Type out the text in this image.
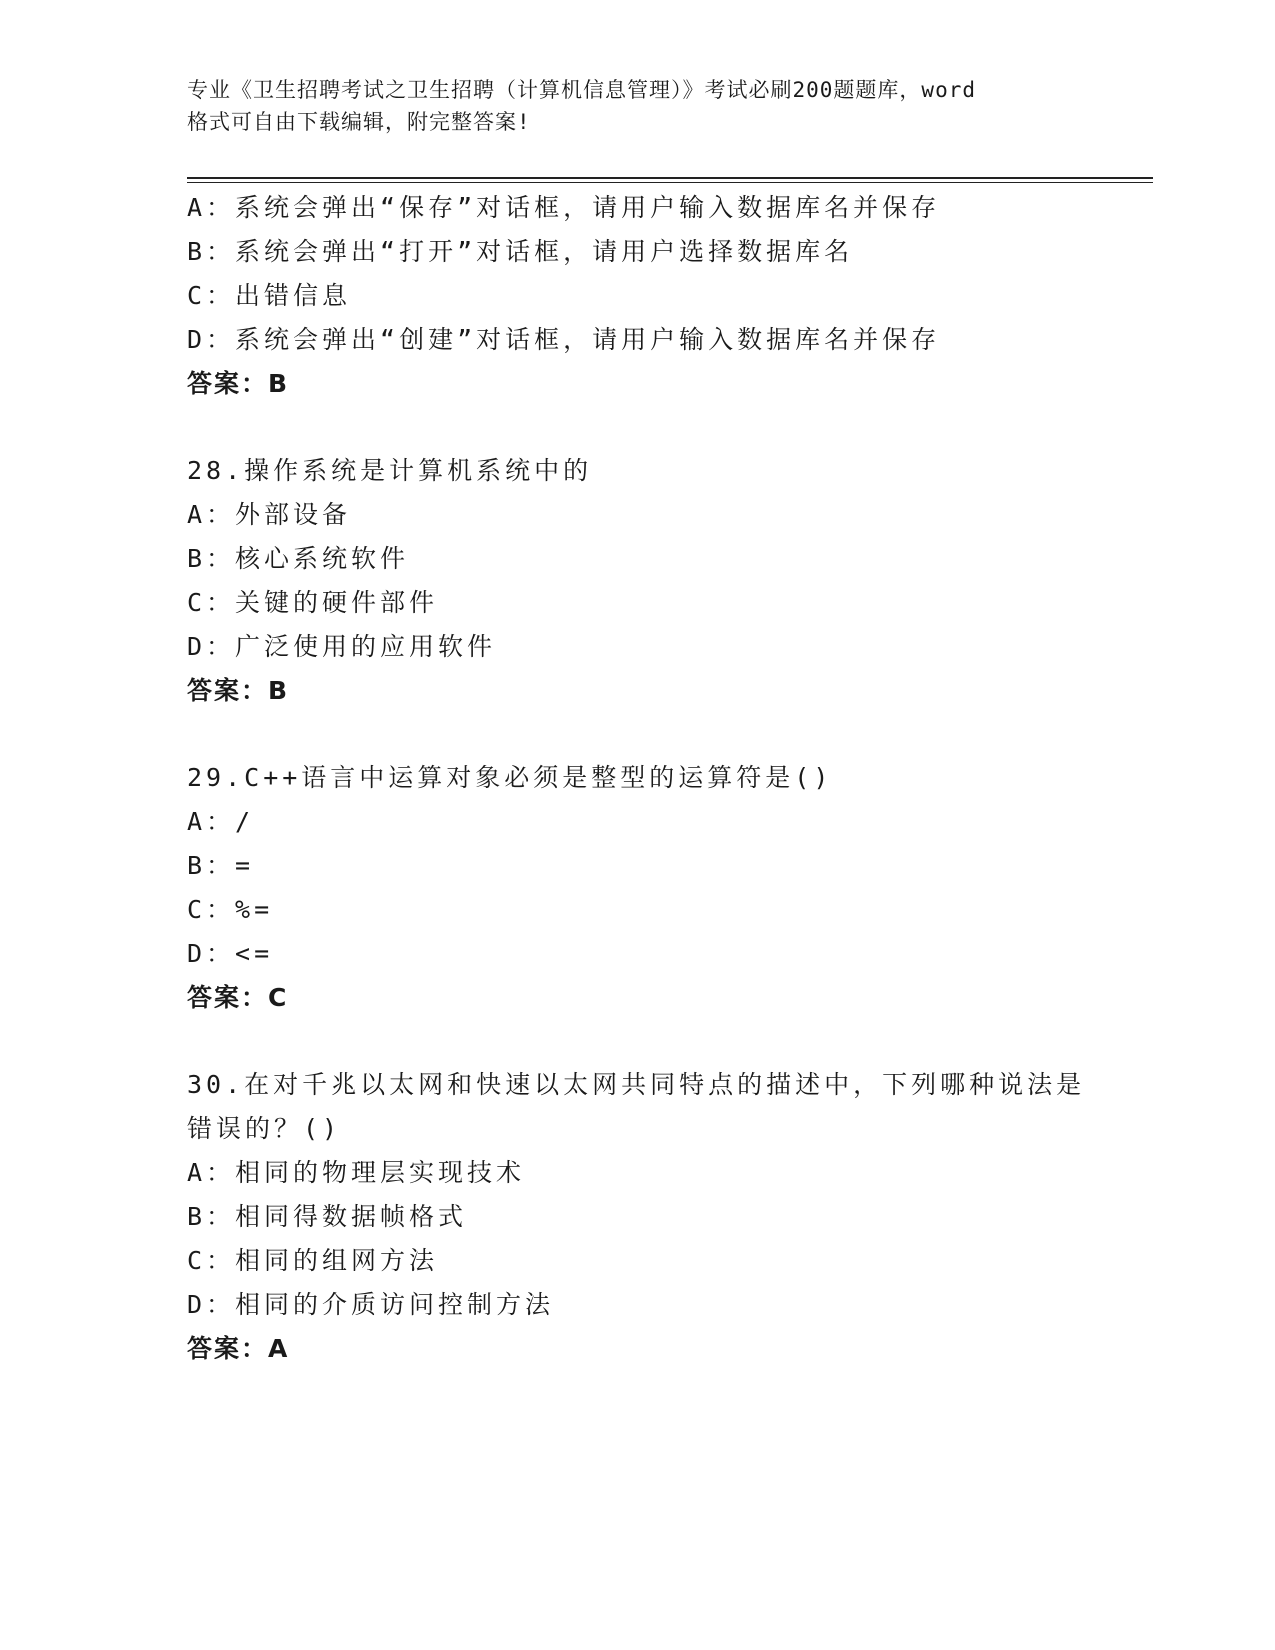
专业《卫生招聘考试之卫生招聘（计算机信息管理）》考试必刷200题题库，word
格式可自由下载编辑，附完整答案!
A：系统会弹出“保存”对话框，请用户输入数据库名并保存
B：系统会弹出“打开”对话框，请用户选择数据库名
C：出错信息
D：系统会弹出“创建”对话框，请用户输入数据库名并保存
答案：B
28.操作系统是计算机系统中的
A：外部设备
B：核心系统软件
C：关键的硬件部件
D：广泛使用的应用软件
答案：B
29.C++语言中运算对象必须是整型的运算符是()
A：/
B：=
C：%=
D：<=
答案：C
30.在对千兆以太网和快速以太网共同特点的描述中，下列哪种说法是
错误的？()
A：相同的物理层实现技术
B：相同得数据帧格式
C：相同的组网方法
D：相同的介质访问控制方法
答案：A
